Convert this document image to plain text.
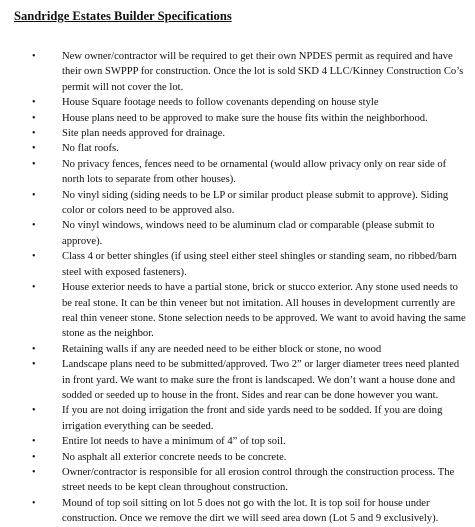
Sandridge Estates Builder Specifications
• New owner/contractor will be required to get their own NPDES permit as required and have their own SWPPP for construction. Once the lot is sold SKD 4 LLC/Kinney Construction Co’s permit will not cover the lot.
• House Square footage needs to follow covenants depending on house style
• House plans need to be approved to make sure the house fits within the neighborhood.
• Site plan needs approved for drainage.
• No flat roofs.
• No privacy fences, fences need to be ornamental (would allow privacy only on rear side of north lots to separate from other houses).
• No vinyl siding (siding needs to be LP or similar product please submit to approve). Siding color or colors need to be approved also.
• No vinyl windows, windows need to be aluminum clad or comparable (please submit to approve).
• Class 4 or better shingles (if using steel either steel shingles or standing seam, no ribbed/barn steel with exposed fasteners).
• House exterior needs to have a partial stone, brick or stucco exterior. Any stone used needs to be real stone. It can be thin veneer but not imitation. All houses in development currently are real thin veneer stone. Stone selection needs to be approved. We want to avoid having the same stone as the neighbor.
• Retaining walls if any are needed need to be either block or stone, no wood
• Landscape plans need to be submitted/approved. Two 2” or larger diameter trees need planted in front yard. We want to make sure the front is landscaped. We don’t want a house done and sodded or seeded up to house in the front. Sides and rear can be done however you want.
• If you are not doing irrigation the front and side yards need to be sodded. If you are doing irrigation everything can be seeded.
• Entire lot needs to have a minimum of 4” of top soil.
• No asphalt all exterior concrete needs to be concrete.
• Owner/contractor is responsible for all erosion control through the construction process. The street needs to be kept clean throughout construction.
• Mound of top soil sitting on lot 5 does not go with the lot. It is top soil for house under construction. Once we remove the dirt we will seed area down (Lot 5 and 9 exclusively).
